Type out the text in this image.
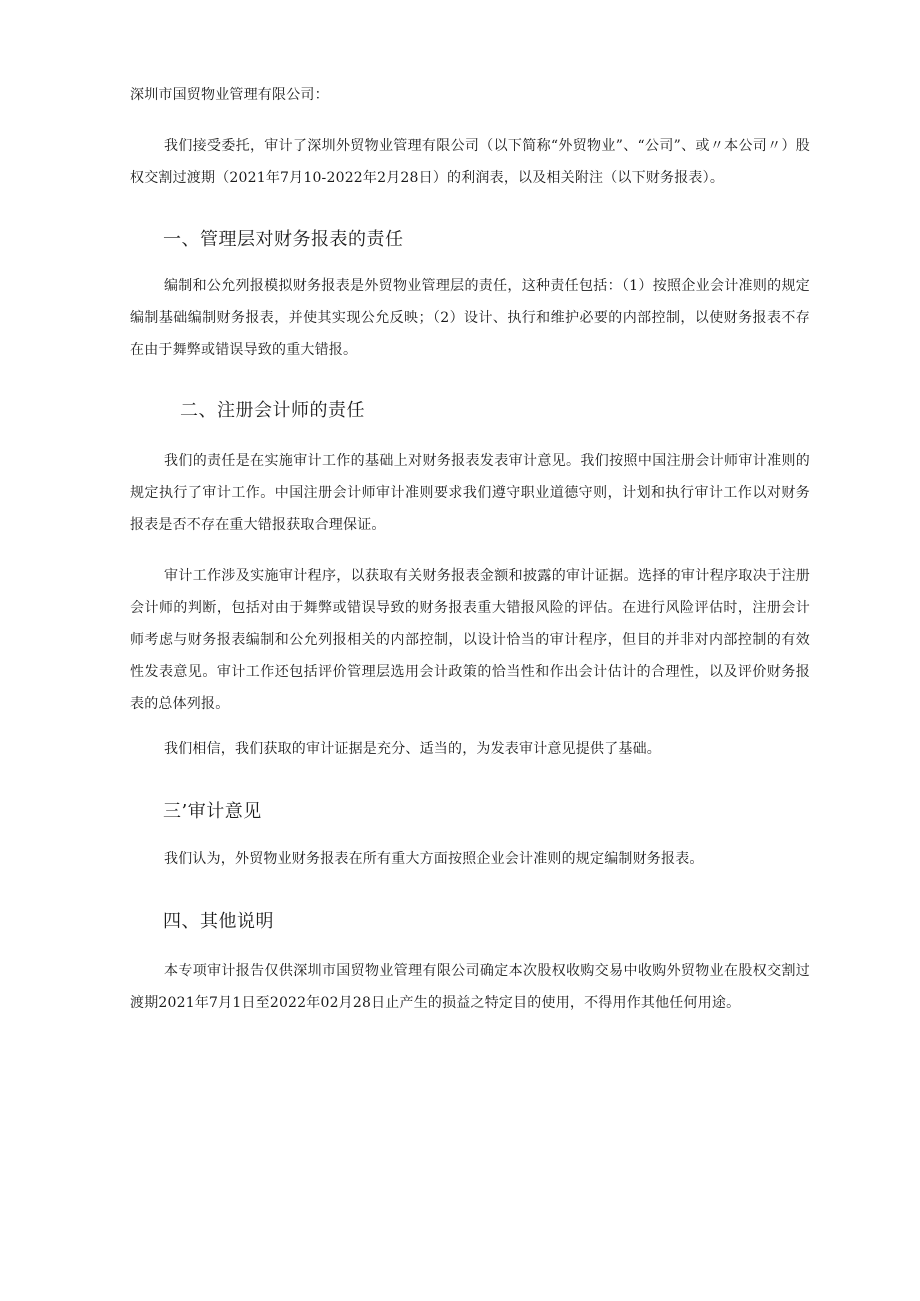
深圳市国贸物业管理有限公司：

我们接受委托，审计了深圳外贸物业管理有限公司（以下简称“外贸物业”、“公司”、或〃本公司〃）股权交割过渡期（2021年7月10-2022年2月28日）的利润表，以及相关附注（以下财务报表）。

一、管理层对财务报表的责任

编制和公允列报模拟财务报表是外贸物业管理层的责任，这种责任包括：（1）按照企业会计准则的规定编制基础编制财务报表，并使其实现公允反映；（2）设计、执行和维护必要的内部控制，以使财务报表不存在由于舞弊或错误导致的重大错报。

二、注册会计师的责任

我们的责任是在实施审计工作的基础上对财务报表发表审计意见。我们按照中国注册会计师审计准则的规定执行了审计工作。中国注册会计师审计准则要求我们遵守职业道德守则，计划和执行审计工作以对财务报表是否不存在重大错报获取合理保证。

审计工作涉及实施审计程序，以获取有关财务报表金额和披露的审计证据。选择的审计程序取决于注册会计师的判断，包括对由于舞弊或错误导致的财务报表重大错报风险的评估。在进行风险评估时，注册会计师考虑与财务报表编制和公允列报相关的内部控制，以设计恰当的审计程序，但目的并非对内部控制的有效性发表意见。审计工作还包括评价管理层选用会计政策的恰当性和作出会计估计的合理性，以及评价财务报表的总体列报。

我们相信，我们获取的审计证据是充分、适当的，为发表审计意见提供了基础。

三’审计意见

我们认为，外贸物业财务报表在所有重大方面按照企业会计准则的规定编制财务报表。

四、其他说明

本专项审计报告仅供深圳市国贸物业管理有限公司确定本次股权收购交易中收购外贸物业在股权交割过渡期2021年7月1日至2022年02月28日止产生的损益之特定目的使用，不得用作其他任何用途。
